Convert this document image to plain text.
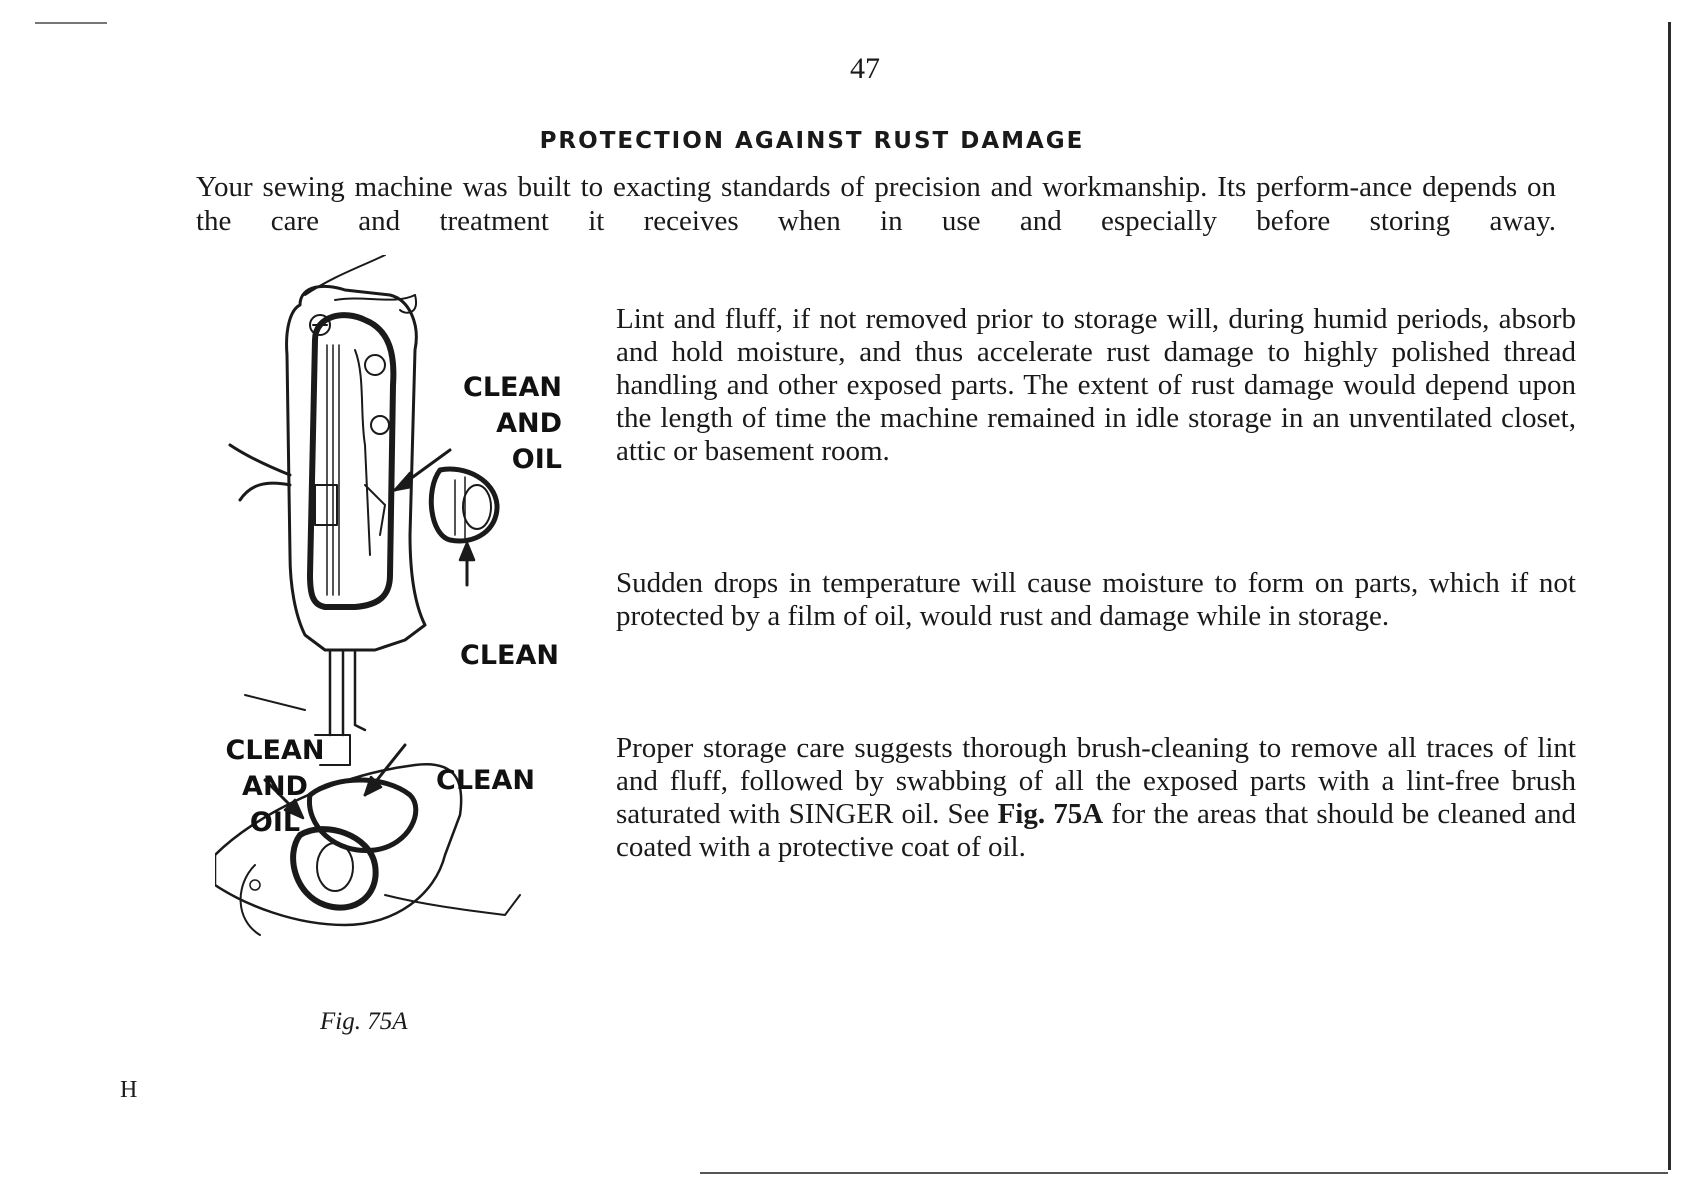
47
PROTECTION AGAINST RUST DAMAGE
Your sewing machine was built to exacting standards of precision and workmanship. Its perform-ance depends on the care and treatment it receives when in use and especially before storing away.
Lint and fluff, if not removed prior to storage will, during humid periods, absorb and hold moisture, and thus accelerate rust damage to highly polished thread handling and other exposed parts. The extent of rust damage would depend upon the length of time the machine remained in idle storage in an unventilated closet, attic or basement room.
Sudden drops in temperature will cause moisture to form on parts, which if not protected by a film of oil, would rust and damage while in storage.
Proper storage care suggests thorough brush-cleaning to remove all traces of lint and fluff, followed by swabbing of all the exposed parts with a lint-free brush saturated with SINGER oil. See Fig. 75A for the areas that should be cleaned and coated with a protective coat of oil.
CLEAN
AND
OIL
CLEAN
CLEAN
AND
OIL
CLEAN
Fig. 75A
H
